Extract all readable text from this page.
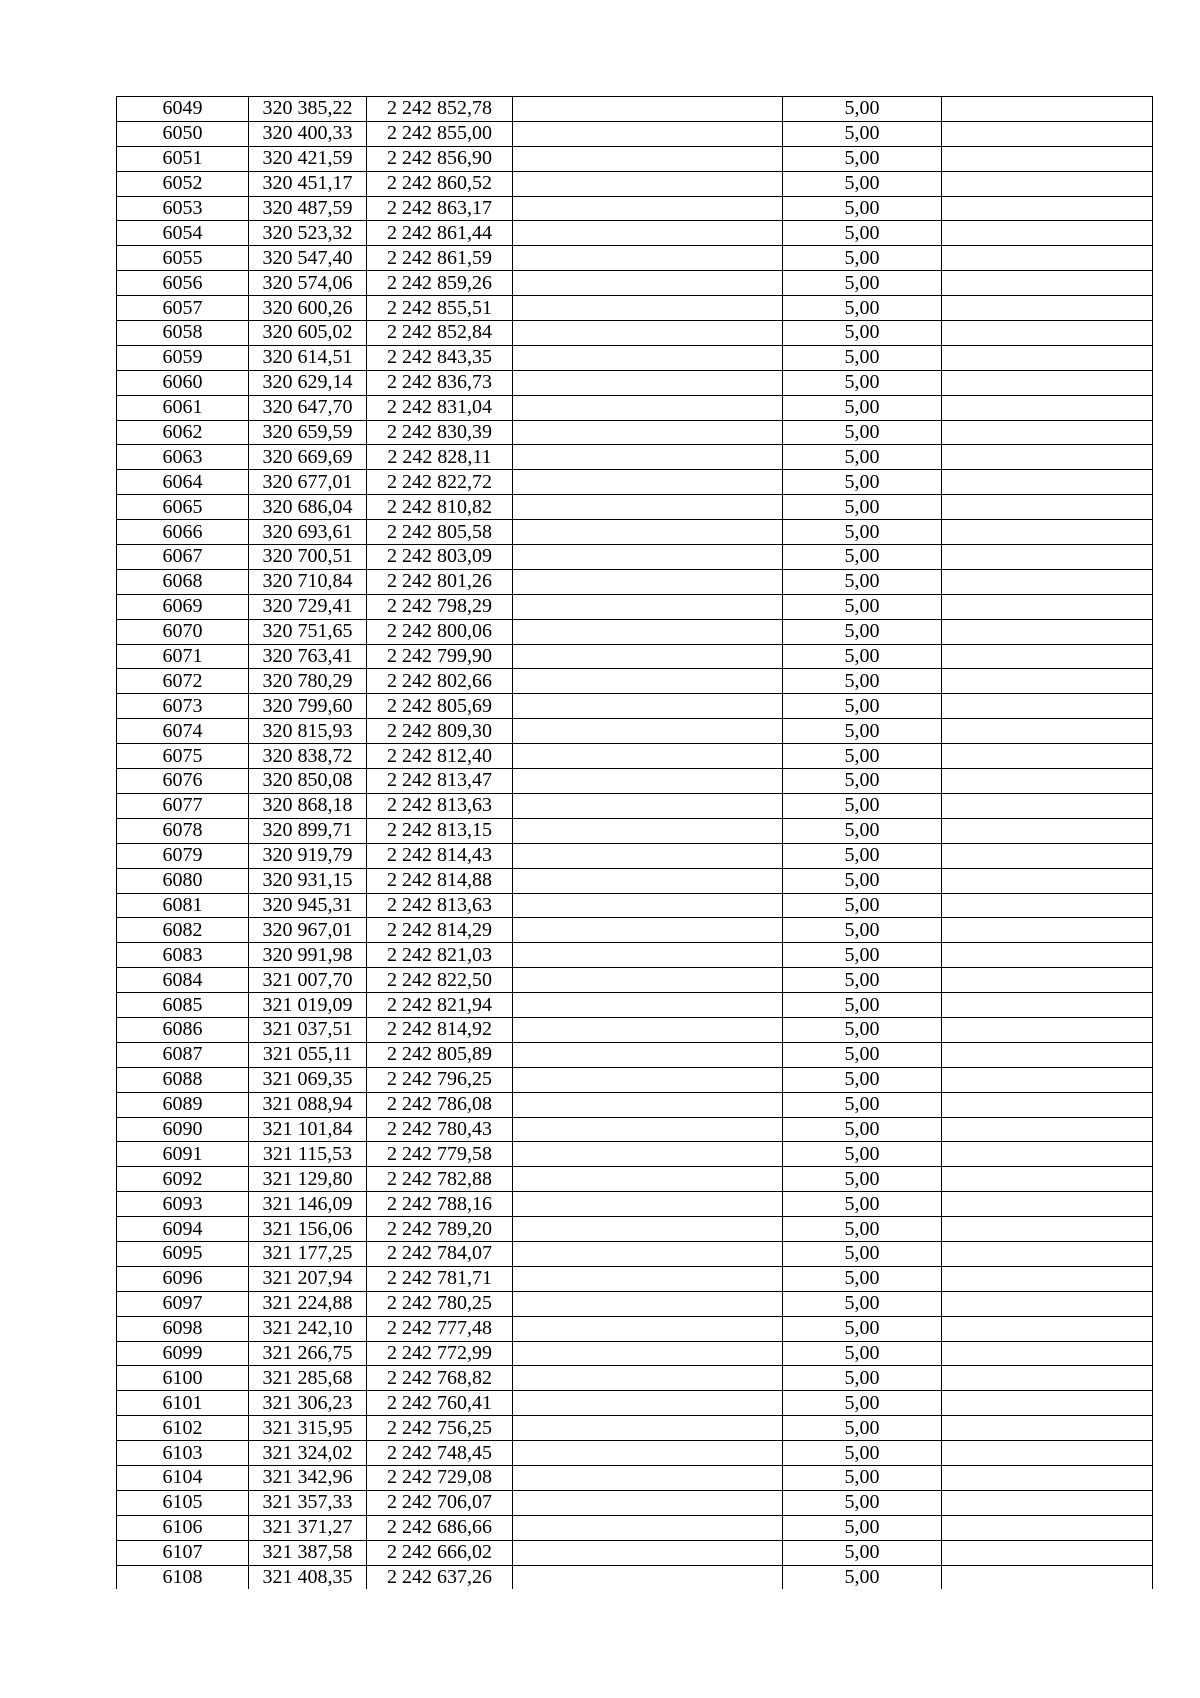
6049	320 385,22	2 242 852,78		5,00	
6050	320 400,33	2 242 855,00		5,00	
6051	320 421,59	2 242 856,90		5,00	
6052	320 451,17	2 242 860,52		5,00	
6053	320 487,59	2 242 863,17		5,00	
6054	320 523,32	2 242 861,44		5,00	
6055	320 547,40	2 242 861,59		5,00	
6056	320 574,06	2 242 859,26		5,00	
6057	320 600,26	2 242 855,51		5,00	
6058	320 605,02	2 242 852,84		5,00	
6059	320 614,51	2 242 843,35		5,00	
6060	320 629,14	2 242 836,73		5,00	
6061	320 647,70	2 242 831,04		5,00	
6062	320 659,59	2 242 830,39		5,00	
6063	320 669,69	2 242 828,11		5,00	
6064	320 677,01	2 242 822,72		5,00	
6065	320 686,04	2 242 810,82		5,00	
6066	320 693,61	2 242 805,58		5,00	
6067	320 700,51	2 242 803,09		5,00	
6068	320 710,84	2 242 801,26		5,00	
6069	320 729,41	2 242 798,29		5,00	
6070	320 751,65	2 242 800,06		5,00	
6071	320 763,41	2 242 799,90		5,00	
6072	320 780,29	2 242 802,66		5,00	
6073	320 799,60	2 242 805,69		5,00	
6074	320 815,93	2 242 809,30		5,00	
6075	320 838,72	2 242 812,40		5,00	
6076	320 850,08	2 242 813,47		5,00	
6077	320 868,18	2 242 813,63		5,00	
6078	320 899,71	2 242 813,15		5,00	
6079	320 919,79	2 242 814,43		5,00	
6080	320 931,15	2 242 814,88		5,00	
6081	320 945,31	2 242 813,63		5,00	
6082	320 967,01	2 242 814,29		5,00	
6083	320 991,98	2 242 821,03		5,00	
6084	321 007,70	2 242 822,50		5,00	
6085	321 019,09	2 242 821,94		5,00	
6086	321 037,51	2 242 814,92		5,00	
6087	321 055,11	2 242 805,89		5,00	
6088	321 069,35	2 242 796,25		5,00	
6089	321 088,94	2 242 786,08		5,00	
6090	321 101,84	2 242 780,43		5,00	
6091	321 115,53	2 242 779,58		5,00	
6092	321 129,80	2 242 782,88		5,00	
6093	321 146,09	2 242 788,16		5,00	
6094	321 156,06	2 242 789,20		5,00	
6095	321 177,25	2 242 784,07		5,00	
6096	321 207,94	2 242 781,71		5,00	
6097	321 224,88	2 242 780,25		5,00	
6098	321 242,10	2 242 777,48		5,00	
6099	321 266,75	2 242 772,99		5,00	
6100	321 285,68	2 242 768,82		5,00	
6101	321 306,23	2 242 760,41		5,00	
6102	321 315,95	2 242 756,25		5,00	
6103	321 324,02	2 242 748,45		5,00	
6104	321 342,96	2 242 729,08		5,00	
6105	321 357,33	2 242 706,07		5,00	
6106	321 371,27	2 242 686,66		5,00	
6107	321 387,58	2 242 666,02		5,00	
6108	321 408,35	2 242 637,26		5,00	
